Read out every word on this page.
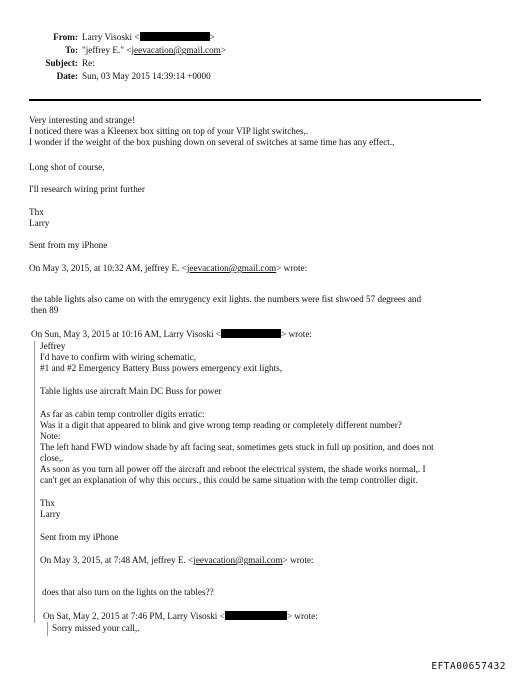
From: Larry Visoski <	>
To: "jeffrey E." <jeevacation@gmail.com>
Subject: Re:
Date: Sun, 03 May 2015 14:39:14 +0000
Very interesting and strange!
I noticed there was a Kleenex box sitting on top of your VIP light switches,.
I wonder if the weight of the box pushing down on several of switches at same time has any effect.,
Long shot of course,
I'll research wiring print further
Thx
Larry
Sent from my iPhone
On May 3, 2015, at 10:32 AM, jeffrey E. <jeevacation@gmail.com> wrote:
the table lights also came on with the emrygency exit lights. the numbers were fist shwoed 57 degrees and
then 89
On Sun, May 3, 2015 at 10:16 AM, Larry Visoski <	> wrote:
Jeffrey
I'd have to confirm with wiring schematic,
#1 and #2 Emergency Battery Buss powers emergency exit lights,
Table lights use aircraft Main DC Buss for power
As far as cabin temp controller digits erratic:
Was it a digit that appeared to blink and give wrong temp reading or completely different number?
Note:
The left hand FWD window shade by aft facing seat, sometimes gets stuck in full up position, and does not
close,.
As soon as you turn all power off the aircraft and reboot the electrical system, the shade works normal,. I
can't get an explanation of why this occurs., this could be same situation with the temp controller digit.
Thx
Larry
Sent from my iPhone
On May 3, 2015, at 7:48 AM, jeffrey E. <jeevacation@gmail.com> wrote:
does that also turn on the lights on the tables??
On Sat, May 2, 2015 at 7:46 PM, Larry Visoski <	> wrote:
Sorry missed your call,.
EFTA00657432
